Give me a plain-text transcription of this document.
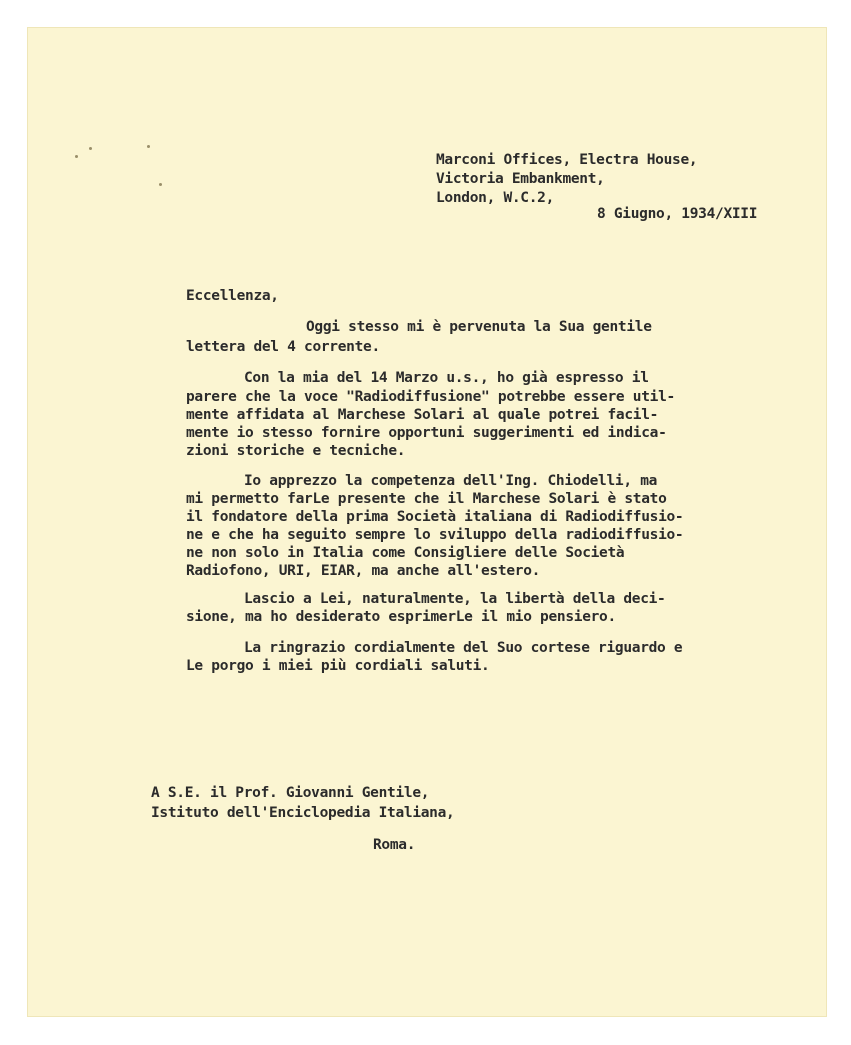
Marconi Offices, Electra House,
Victoria Embankment,
London, W.C.2,
8 Giugno, 1934/XIII
Eccellenza,
Oggi stesso mi è pervenuta la Sua gentile
lettera del 4 corrente.
Con la mia del 14 Marzo u.s., ho già espresso il
parere che la voce "Radiodiffusione" potrebbe essere util-
mente affidata al Marchese Solari al quale potrei facil-
mente io stesso fornire opportuni suggerimenti ed indica-
zioni storiche e tecniche.
Io apprezzo la competenza dell'Ing. Chiodelli, ma
mi permetto farLe presente che il Marchese Solari è stato
il fondatore della prima Società italiana di Radiodiffusio-
ne e che ha seguito sempre lo sviluppo della radiodiffusio-
ne non solo in Italia come Consigliere delle Società
Radiofono, URI, EIAR, ma anche all'estero.
Lascio a Lei, naturalmente, la libertà della deci-
sione, ma ho desiderato esprimerLe il mio pensiero.
La ringrazio cordialmente del Suo cortese riguardo e
Le porgo i miei più cordiali saluti.
A S.E. il Prof. Giovanni Gentile,
Istituto dell'Enciclopedia Italiana,
Roma.
